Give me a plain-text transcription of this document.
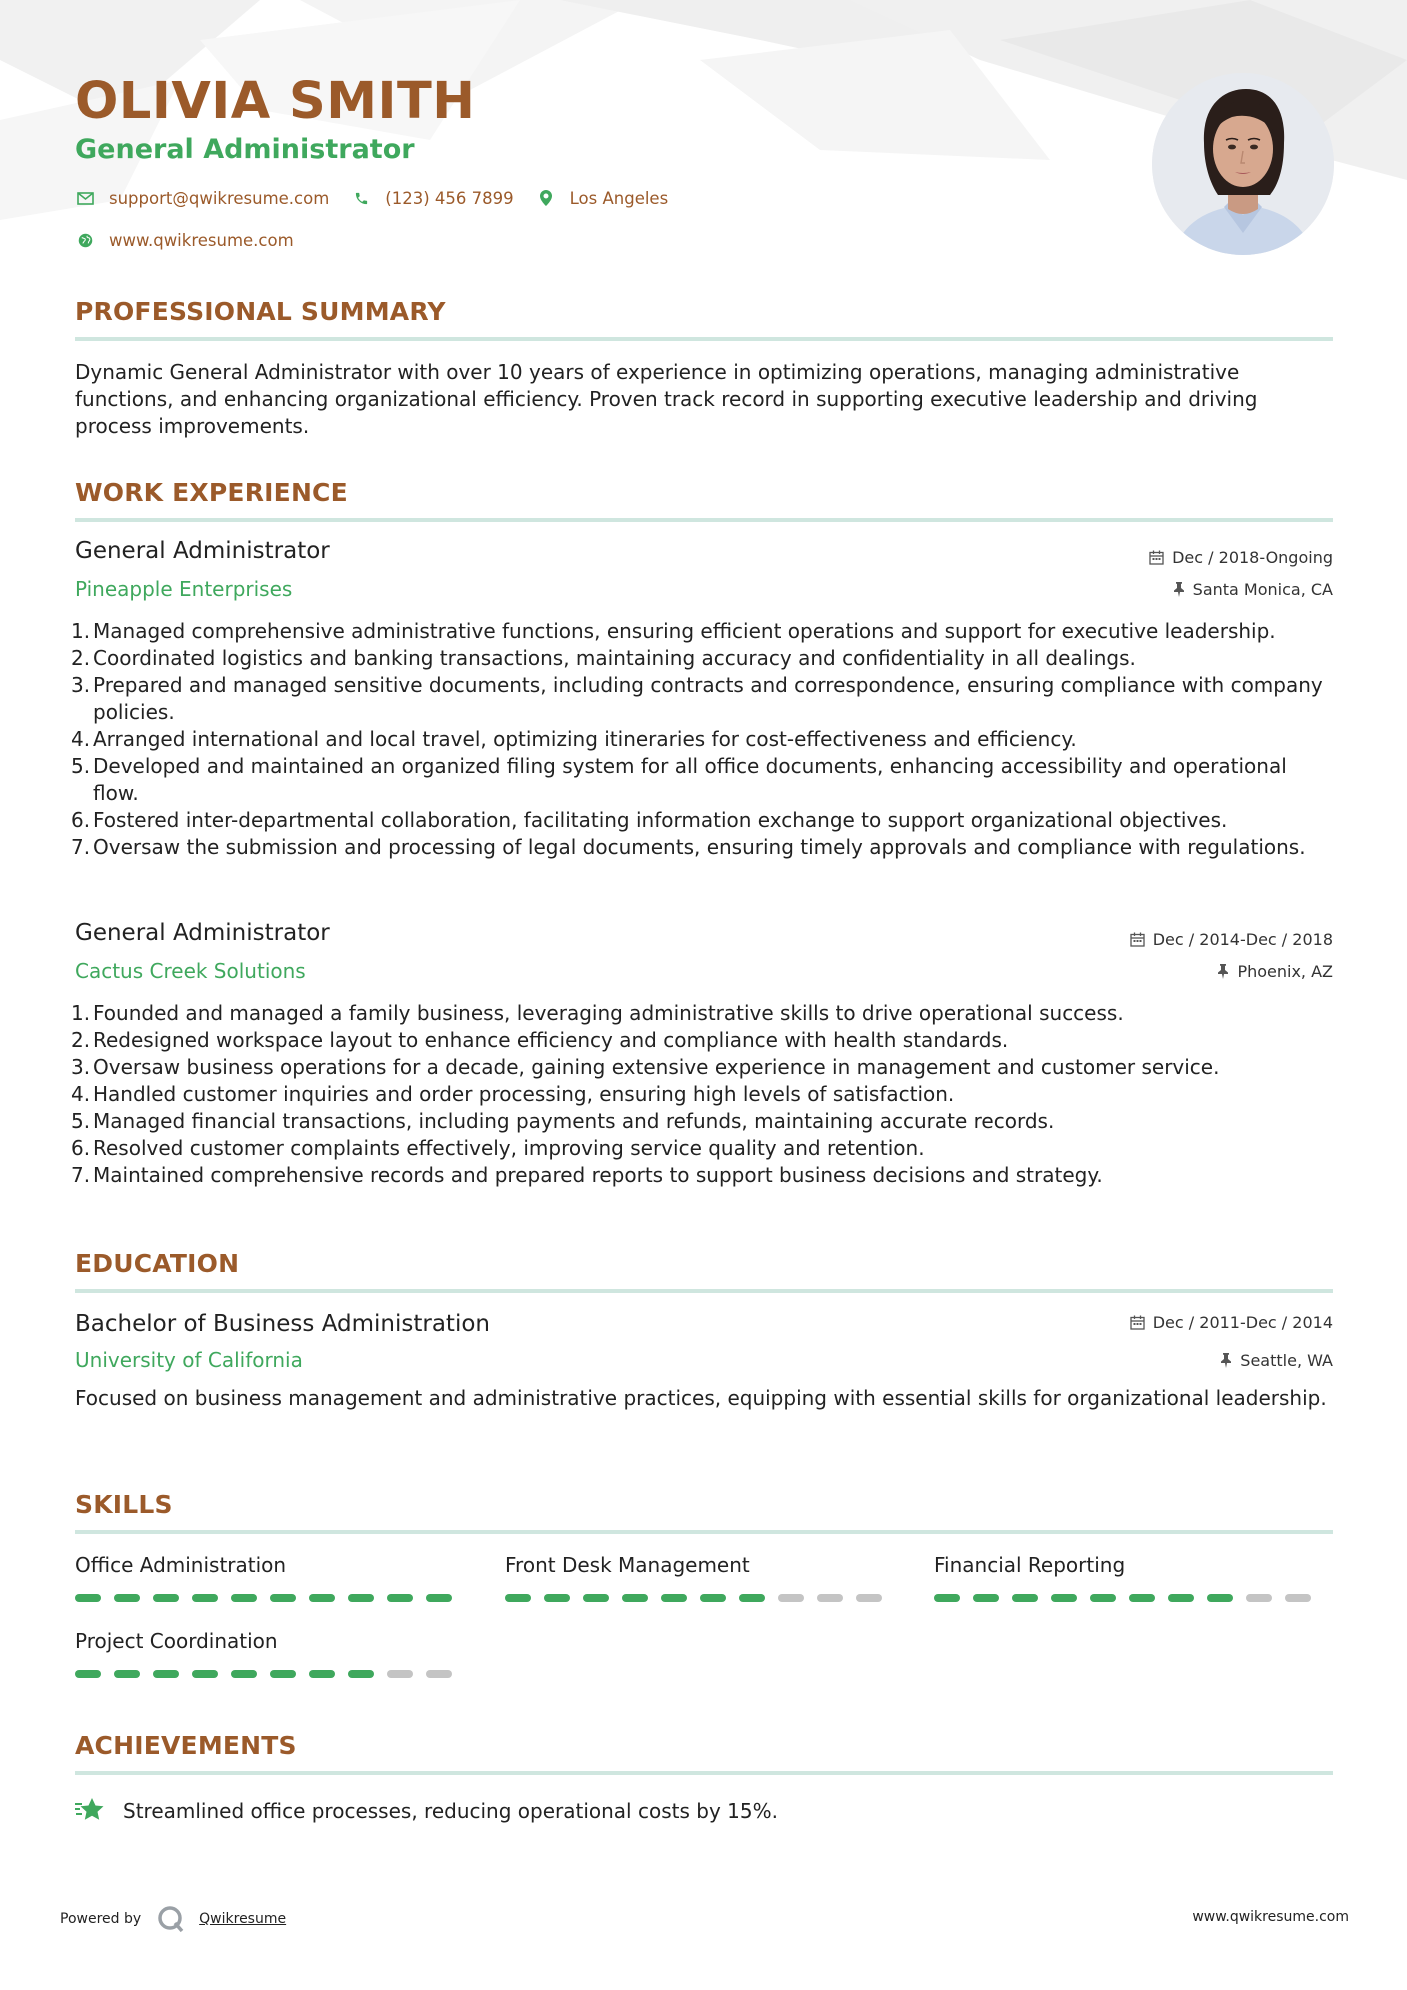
OLIVIA SMITH
General Administrator
support@qwikresume.com	(123) 456 7899	Los Angeles
www.qwikresume.com
PROFESSIONAL SUMMARY

Dynamic General Administrator with over 10 years of experience in optimizing operations, managing administrative functions, and enhancing organizational efficiency. Proven track record in supporting executive leadership and driving process improvements.

WORK EXPERIENCE
General Administrator	Dec / 2018-Ongoing
Pineapple Enterprises	Santa Monica, CA
1. Managed comprehensive administrative functions, ensuring efficient operations and support for executive leadership.
2. Coordinated logistics and banking transactions, maintaining accuracy and confidentiality in all dealings.
3. Prepared and managed sensitive documents, including contracts and correspondence, ensuring compliance with company policies.
4. Arranged international and local travel, optimizing itineraries for cost-effectiveness and efficiency.
5. Developed and maintained an organized filing system for all office documents, enhancing accessibility and operational flow.
6. Fostered inter-departmental collaboration, facilitating information exchange to support organizational objectives.
7. Oversaw the submission and processing of legal documents, ensuring timely approvals and compliance with regulations.
General Administrator	Dec / 2014-Dec / 2018
Cactus Creek Solutions	Phoenix, AZ
1. Founded and managed a family business, leveraging administrative skills to drive operational success.
2. Redesigned workspace layout to enhance efficiency and compliance with health standards.
3. Oversaw business operations for a decade, gaining extensive experience in management and customer service.
4. Handled customer inquiries and order processing, ensuring high levels of satisfaction.
5. Managed financial transactions, including payments and refunds, maintaining accurate records.
6. Resolved customer complaints effectively, improving service quality and retention.
7. Maintained comprehensive records and prepared reports to support business decisions and strategy.
EDUCATION
Bachelor of Business Administration	Dec / 2011-Dec / 2014
University of California	Seattle, WA

Focused on business management and administrative practices, equipping with essential skills for organizational leadership.

SKILLS
Office Administration	Front Desk Management	Financial Reporting
Project Coordination
ACHIEVEMENTS
Streamlined office processes, reducing operational costs by 15%.
Powered by	Qwikresume	www.qwikresume.com
